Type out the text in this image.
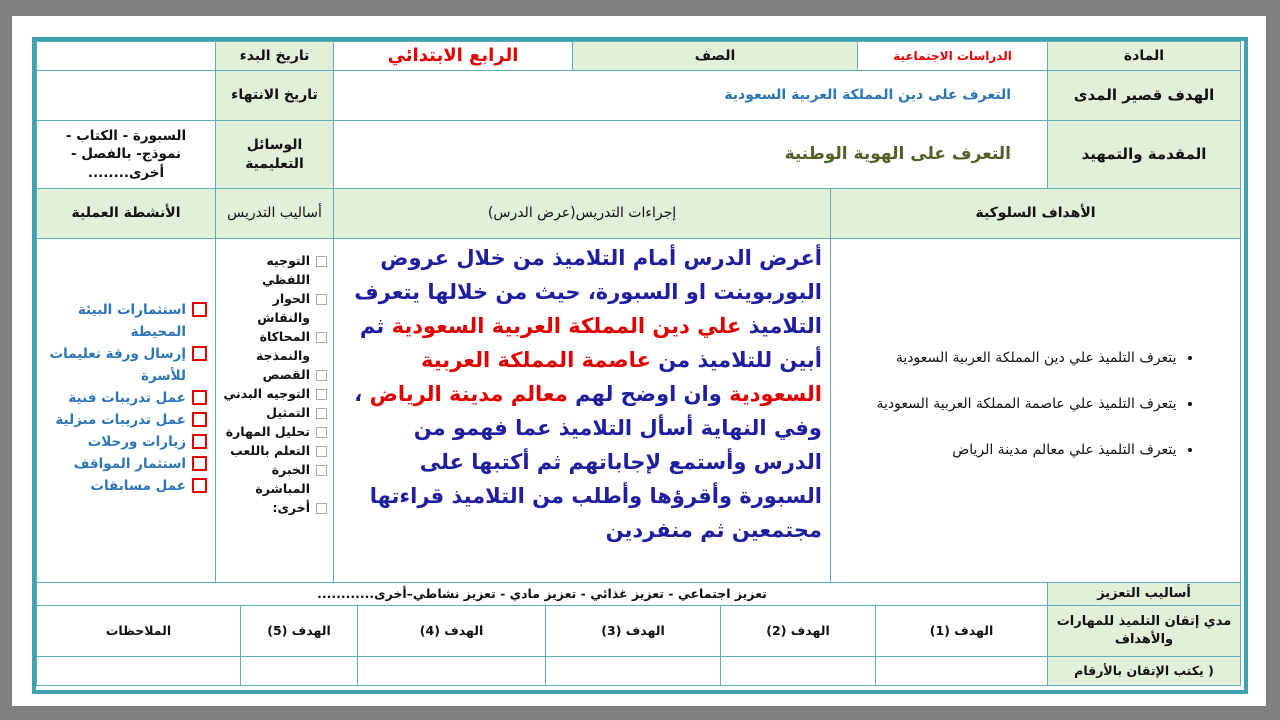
المادة
الدراسات الاجتماعية
الصف
الرابع الابتدائي
تاريخ البدء
الهدف قصير المدى
التعرف على دين المملكة العربية السعودية
تاريخ الانتهاء
المقدمة والتمهيد
التعرف على الهوية الوطنية
الوسائل التعليمية
السبورة - الكتاب - نموذج- بالفصل - أخرى........
الأهداف السلوكية
إجراءات التدريس(عرض الدرس)
أساليب التدريس
الأنشطة العملية
• يتعرف التلميذ علي دين المملكة العربية السعودية
• يتعرف التلميذ علي عاصمة المملكة العربية السعودية
• يتعرف التلميذ علي معالم مدينة الرياض
أعرض الدرس أمام التلاميذ من خلال عروض البوربوينت او السبورة، حيث من خلالها يتعرف التلاميذ علي دين المملكة العربية السعودية ثم أبين للتلاميذ من عاصمة المملكة العربية السعودية وان اوضح لهم معالم مدينة الرياض ، وفي النهاية أسأل التلاميذ عما فهمو من الدرس وأستمع لإجاباتهم ثم أكتبها على السبورة وأقرؤها وأطلب من التلاميذ قراءتها مجتمعين ثم منفردين
التوجيه اللفظي
الحوار والنقاش
المحاكاة والنمذجة
القصص
التوجيه البدني
التمثيل
تحليل المهارة
التعلم باللعب
الخبرة المباشرة
أخرى:
استثمارات البيئة المحيطة
إرسال ورقة تعليمات للأسرة
عمل تدريبات فنية
عمل تدريبات منزلية
زيارات ورحلات
استثمار المواقف
عمل مسابقات
أساليب التعزيز
تعزيز اجتماعي - تعزيز غذائي - تعزيز مادي - تعزيز نشاطي–أخرى............
مدي إتقان التلميذ للمهارات والأهداف
الهدف (1)
الهدف (2)
الهدف (3)
الهدف (4)
الهدف (5)
الملاحظات
( يكتب الإتقان بالأرقام
